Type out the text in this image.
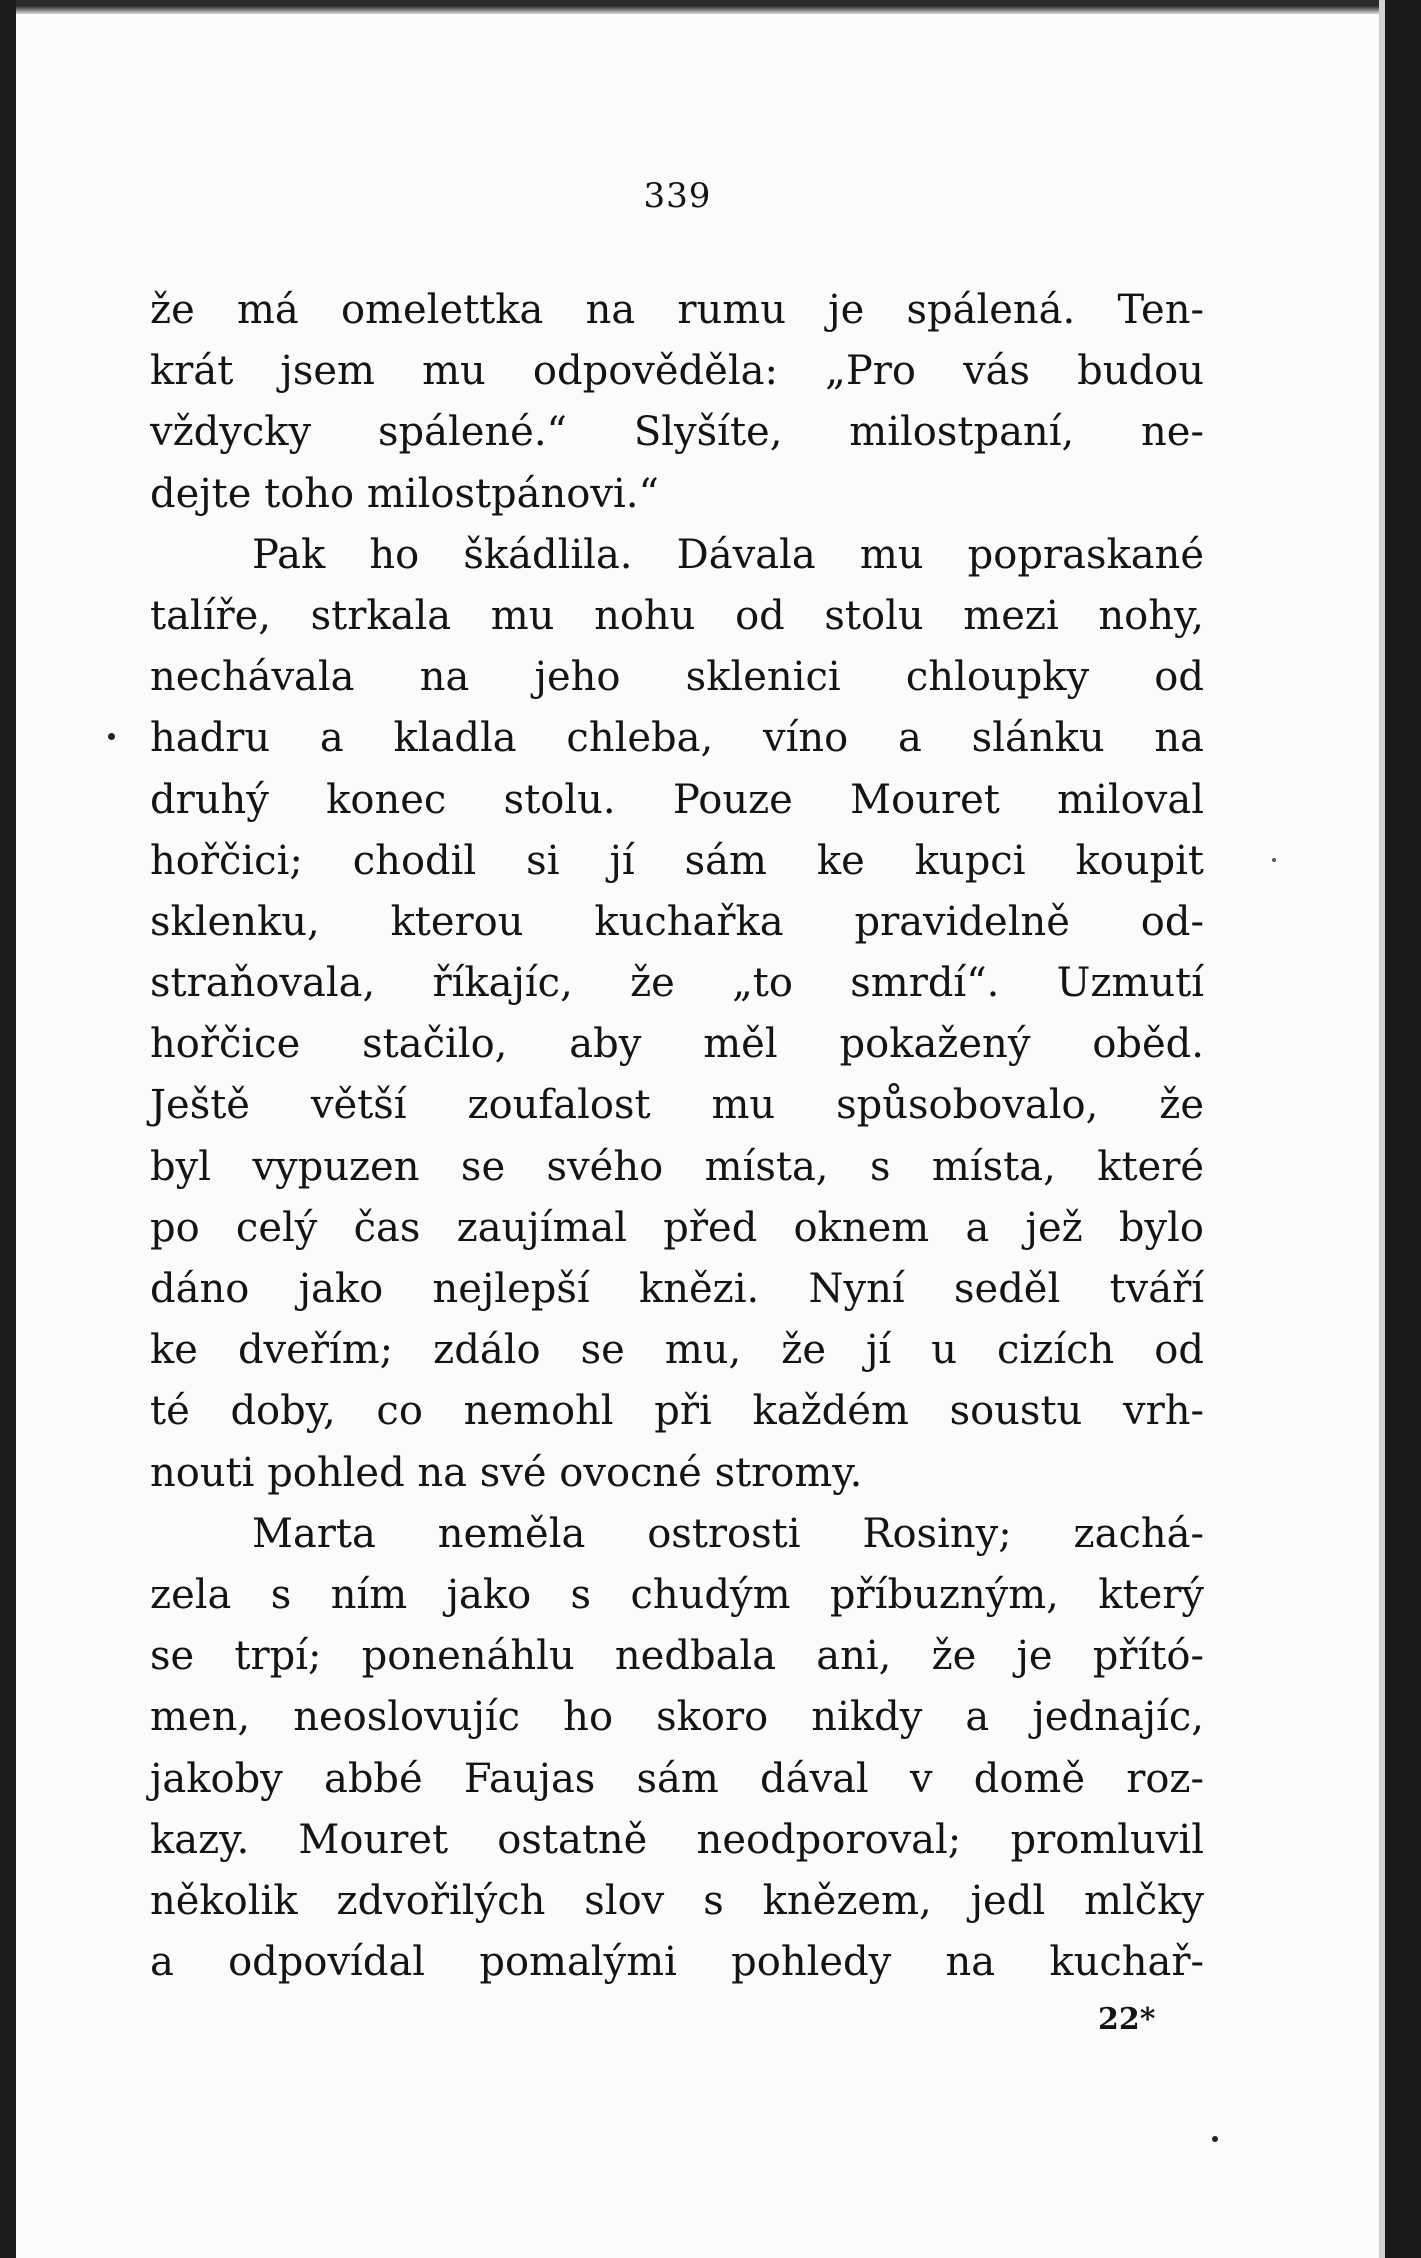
339
že má omelettka na rumu je spálená. Ten-
krát jsem mu odpověděla: „Pro vás budou
vždycky spálené.“ Slyšíte, milostpaní, ne-
dejte toho milostpánovi.“
Pak ho škádlila. Dávala mu popraskané
talíře, strkala mu nohu od stolu mezi nohy,
nechávala na jeho sklenici chloupky od
hadru a kladla chleba, víno a slánku na
druhý konec stolu. Pouze Mouret miloval
hořčici; chodil si jí sám ke kupci koupit
sklenku, kterou kuchařka pravidelně od-
straňovala, říkajíc, že „to smrdí“. Uzmutí
hořčice stačilo, aby měl pokažený oběd.
Ještě větší zoufalost mu spůsobovalo, že
byl vypuzen se svého místa, s místa, které
po celý čas zaujímal před oknem a jež bylo
dáno jako nejlepší knězi. Nyní seděl tváří
ke dveřím; zdálo se mu, že jí u cizích od
té doby, co nemohl při každém soustu vrh-
nouti pohled na své ovocné stromy.
Marta neměla ostrosti Rosiny; zachá-
zela s ním jako s chudým příbuzným, který
se trpí; ponenáhlu nedbala ani, že je přító-
men, neoslovujíc ho skoro nikdy a jednajíc,
jakoby abbé Faujas sám dával v domě roz-
kazy. Mouret ostatně neodporoval; promluvil
několik zdvořilých slov s knězem, jedl mlčky
a odpovídal pomalými pohledy na kuchař-
22*
